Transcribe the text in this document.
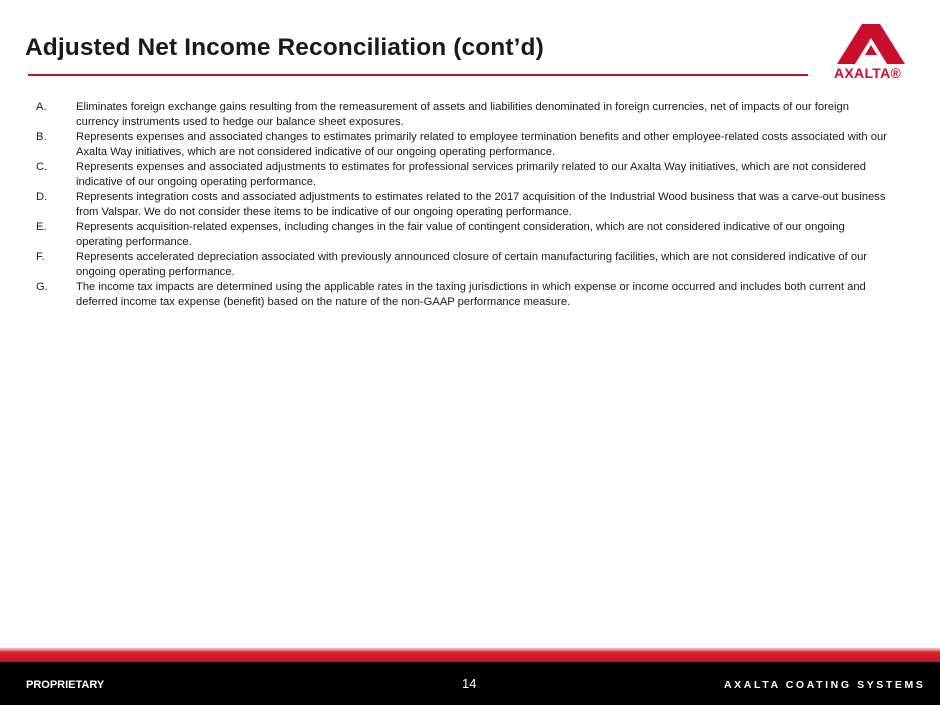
Adjusted Net Income Reconciliation (cont’d)
AXALTA®
A.	Eliminates foreign exchange gains resulting from the remeasurement of assets and liabilities denominated in foreign currencies, net of impacts of our foreign currency instruments used to hedge our balance sheet exposures.
B.	Represents expenses and associated changes to estimates primarily related to employee termination benefits and other employee-related costs associated with our Axalta Way initiatives, which are not considered indicative of our ongoing operating performance.
C.	Represents expenses and associated adjustments to estimates for professional services primarily related to our Axalta Way initiatives, which are not considered indicative of our ongoing operating performance.
D.	Represents integration costs and associated adjustments to estimates related to the 2017 acquisition of the Industrial Wood business that was a carve-out business from Valspar. We do not consider these items to be indicative of our ongoing operating performance.
E.	Represents acquisition-related expenses, including changes in the fair value of contingent consideration, which are not considered indicative of our ongoing operating performance.
F.	Represents accelerated depreciation associated with previously announced closure of certain manufacturing facilities, which are not considered indicative of our ongoing operating performance.
G.	The income tax impacts are determined using the applicable rates in the taxing jurisdictions in which expense or income occurred and includes both current and deferred income tax expense (benefit) based on the nature of the non-GAAP performance measure.
PROPRIETARY	14	AXALTA COATING SYSTEMS
